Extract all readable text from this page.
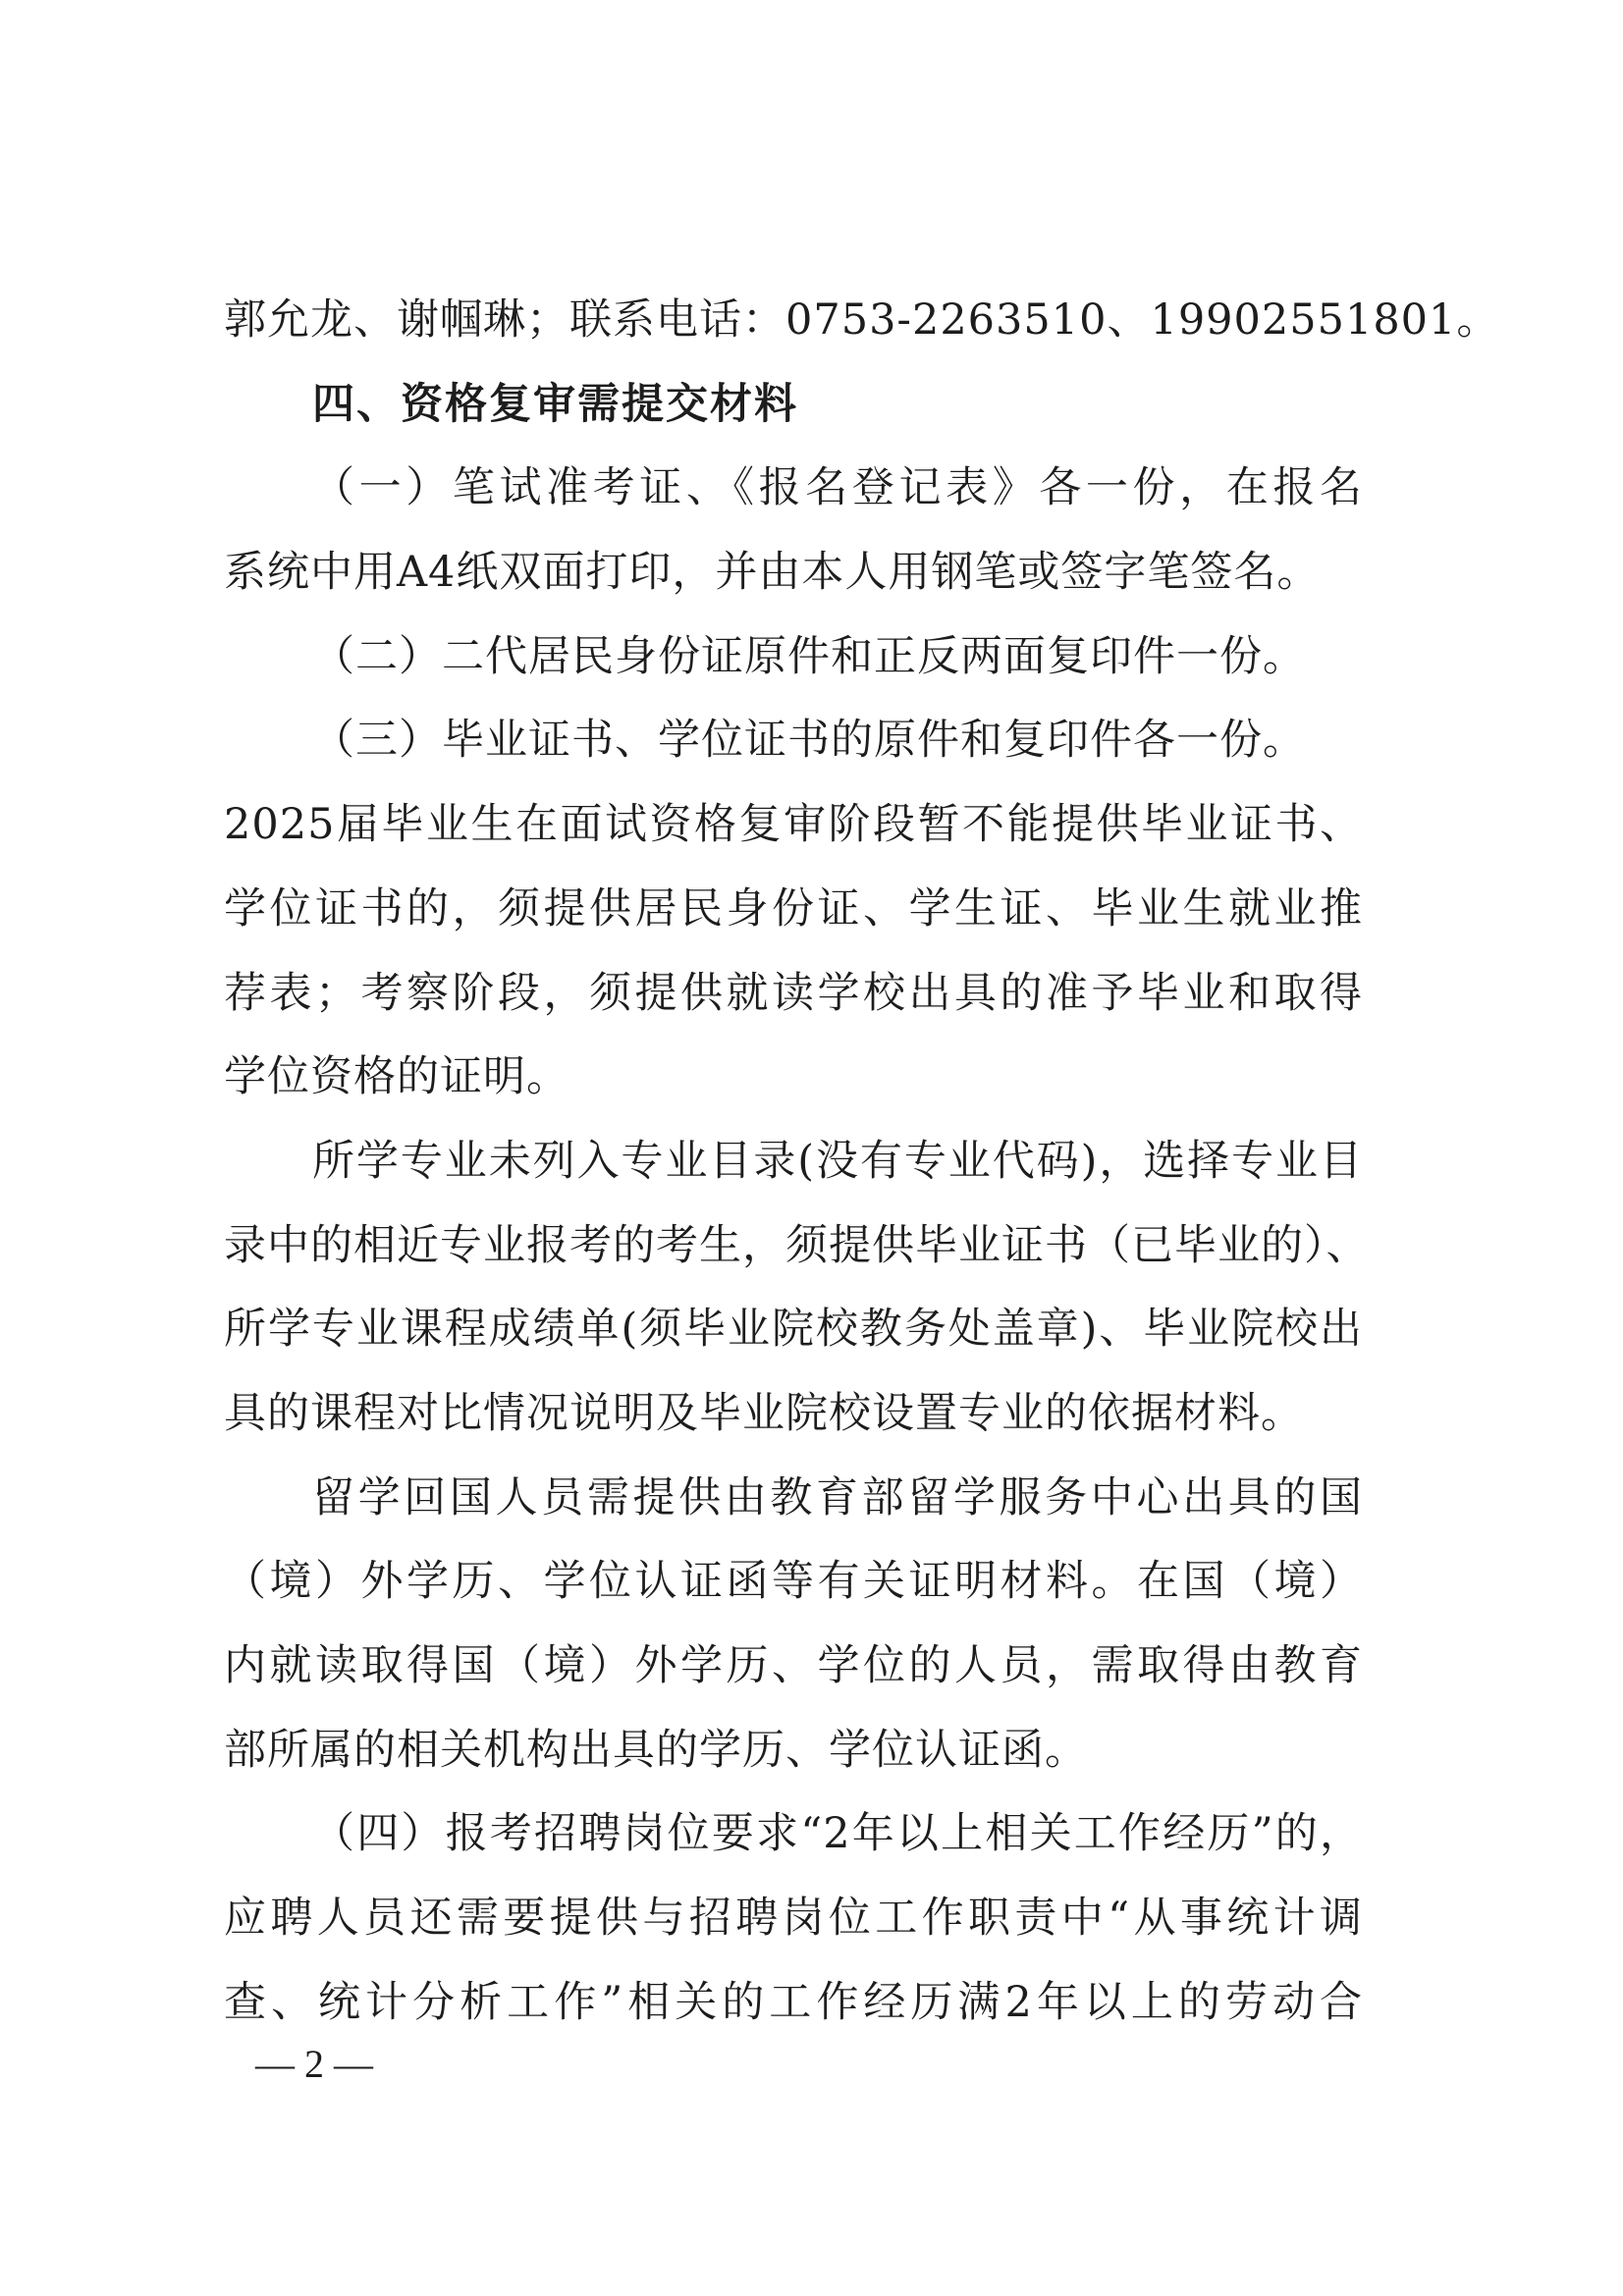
郭允龙、谢帼琳；联系电话：0753-2263510、19902551801。
四、资格复审需提交材料
（一）笔试准考证、《报名登记表》各一份，在报名
系统中用A4纸双面打印，并由本人用钢笔或签字笔签名。
（二）二代居民身份证原件和正反两面复印件一份。
（三）毕业证书、学位证书的原件和复印件各一份。
2025届毕业生在面试资格复审阶段暂不能提供毕业证书、
学位证书的，须提供居民身份证、学生证、毕业生就业推
荐表；考察阶段，须提供就读学校出具的准予毕业和取得
学位资格的证明。
所学专业未列入专业目录(没有专业代码)，选择专业目
录中的相近专业报考的考生，须提供毕业证书（已毕业的）、
所学专业课程成绩单(须毕业院校教务处盖章)、毕业院校出
具的课程对比情况说明及毕业院校设置专业的依据材料。
留学回国人员需提供由教育部留学服务中心出具的国
（境）外学历、学位认证函等有关证明材料。在国（境）
内就读取得国（境）外学历、学位的人员，需取得由教育
部所属的相关机构出具的学历、学位认证函。
（四）报考招聘岗位要求“2年以上相关工作经历”的，
应聘人员还需要提供与招聘岗位工作职责中“从事统计调
查、统计分析工作”相关的工作经历满2年以上的劳动合
— 2 —
